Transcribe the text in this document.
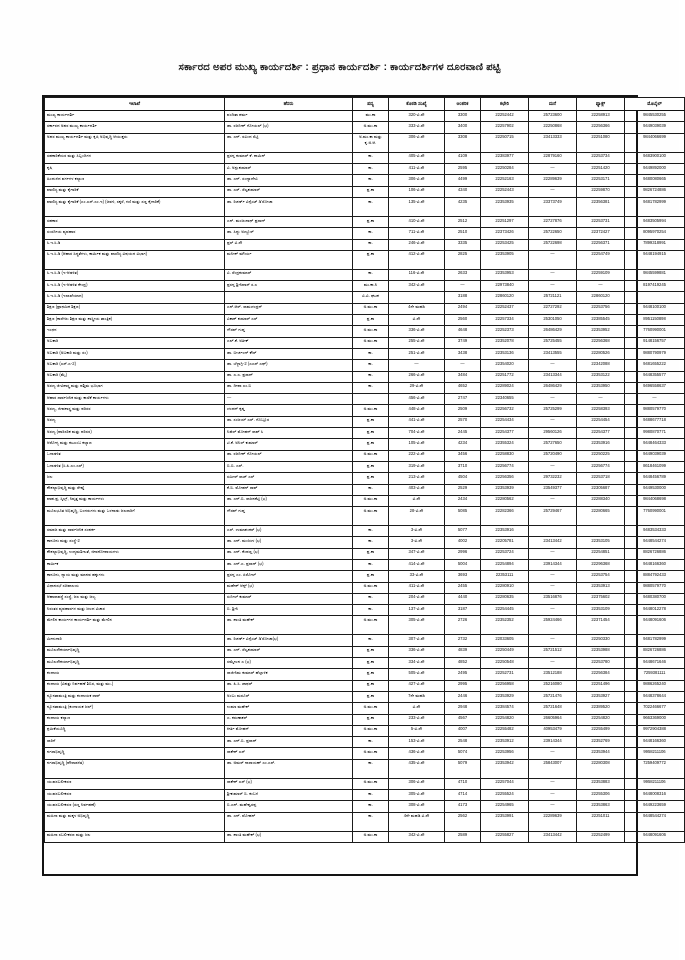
ಸರ್ಕಾರದ ಅಪರ ಮುಖ್ಯ ಕಾರ್ಯದರ್ಶಿ : ಪ್ರಧಾನ ಕಾರ್ಯದರ್ಶಿ : ಕಾರ್ಯದರ್ಶಿಗಳ ದೂರವಾಣಿ ಪಟ್ಟಿ
ಇಲಾಖೆ	ಹೆಸರು	ಪದ್ಯ	ಕೊಠಡಿ ಸಂಖ್ಯೆ	ಆಂತರಿಕ	ಕಛೇರಿ	ಮನೆ	ಫ್ಯಾಕ್ಸ್	ಮೊಬೈಲ್
ಮುಖ್ಯ ಕಾರ್ಯದರ್ಶಿ	ವಂದಿತಾ ಶರ್ಮ	ಮು.ಕಾ	320-ವಿ.ಸೌ	3300	22252442	25723600	22258913	9845530255
ಸರ್ಕಾರದ ಅಪರ ಮುಖ್ಯ ಕಾರ್ಯದರ್ಶಿ	ಡಾ. ರಜನೀಶ್ ಗೋಯಲ್ (ಭ)	ಅ.ಮು.ಕಾ	333-ವಿ.ಸೌ	3400	22257902	22250868	22256366	9449039039
ಅಪರ ಮುಖ್ಯ ಕಾರ್ಯದರ್ಶಿ ಮತ್ತು ಕೃಷಿ ಅಭಿವೃದ್ಧಿ ಆಯುಕ್ತರು	ಡಾ. ಎನ್. ರವಿಂದ ಸೆಟ್ಟಿ	ಅ.ಮು.ಕಾ ಮತ್ತು ಕೃ.ಅ.ಆ.	306-ವಿ.ಸೌ	3308	22250715	23413333	22251080	9844066699
ಸಹಕಾರಿಕೆಯರ ಮತ್ತು ಸಿಬ್ಬಂದಿಗಳ	ಪ್ರಸನ್ನ ಕುಮಾರ್ ಕೆ. ಶಾಮಿನ್	ಕಾ.	405-ವಿ.ಸೌ	4109	22383977	22879160	22253734	9483900100
ಕೃಷಿ	ವಿ. ಅನ್ಬುಕುಮಾರ್	ಕಾ.	411-ವಿ.ಸೌ	2595	22250284	—	22251420	9449892000
ಹಿಂದುಳಿದ ವರ್ಗಗಳ ಕಲ್ಯಾಣ	ಡಾ. ಎನ್. ಸಂಧ್ಯಾದೇವಿ	ಕಾ.	306-ವಿ.ಸೌ	4499	22252163	22289639	22253171	9480080665
ವಾಣಿಜ್ಯ ಮತ್ತು ಕೈಗಾರಿಕೆ	ಡಾ. ಎಸ್. ಸೆಲ್ವಕುಮಾರ್	ಪ್ರ.ಕಾ	106-ವಿ.ಸೌ	4340	22252443	—	22259870	9826724886
ವಾಣಿಜ್ಯ ಮತ್ತು ಕೈಗಾರಿಕೆ (ಎಂ.ಎಸ್.ಎಂ.ಇ) (ಜವಳಿ, ಸಕ್ಕರೆ, ಗಣಿ ಮತ್ತು ಸಣ್ಣ ಕೈಗಾರಿಕೆ)	ಡಾ. ರಿಚರ್ಡ್ ವಿನ್ಸೆಂಟ್ ಡಿ'ಸೋಜಾ	ಕಾ.	135-ವಿ.ಸೌ	4235	22353935	23373749	22356381	9481782999
ಸಹಕಾರ	ಎನ್. ಮಂಜುನಾಥ್ ಪ್ರಸಾದ್	ಪ್ರ.ಕಾ	410-ವಿ.ಸೌ	2512	22251297	22727876	22253731	9483505994
ಸಂಸದೀಯ ವ್ಯವಹಾರ	ಡಾ. ಸಿದ್ದು ಅಣ್ಣೂರ್	ಕಾ.	711-ವಿ.ಸೌ	2510	22373426	25722650	22372427	8095970254
ಸಿ.ಇ.ಸಿ.ಡಿ	ಪ್ರಸ್ ವಿ.ಸೌ	ಕಾ.	246-ವಿ.ಸೌ	3335	22253425	25722698	22256371	7899318991
ಸಿ.ಇ.ಸಿ.ಡಿ (ಆಹಾರ ಸಿದ್ಧತೆಗಳು, ಕಾರ್ಮಿಕ ಮತ್ತು ವಾಣಿಜ್ಯ ವಿಷಯದ ವಿಭಾಗ)	ಮನೀಶ್ ಮೌರ್ಯ	ಪ್ರ.ಕಾ	412-ವಿ.ಸೌ	2825	22353905	—	22254749	9448194915
ಸಿ.ಇ.ಸಿ.ಡಿ (ಇ-ಆಡಳಿತ)	ವಿ. ಸೆಂದ್ರಕುಮಾರ್	ಕಾ.	116-ವಿ.ಸೌ	2633	22353953	—	22259109	9845599881
ಸಿ.ಇ.ಸಿ.ಡಿ (ಇ-ಆಡಳಿತ ಕೇಂದ್ರ)	ಪ್ರಸನ್ನ ಶ್ರೀನಿವಾಸ್ ಸ.ಎ	ಮು.ಕಾ.ನಿ	342-ವಿ.ಸೌ	—	22973840	—	—	8197419245
ಸಿ.ಇ.ಸಿ.ಡಿ (ಇಲಾಖೆಯಾದ)		ವಿ.ವಿ. ಘಟಕ		3188	22860120	25721121	22860120	
ಶಿಕ್ಷಣ (ಪ್ರಾಥಮಿಕ ಶಿಕ್ಷಣ)	ಎನ್.ಆರ್. ರಾಮಚಂದ್ರನ್	ಅ.ಮು.ಕಾ	4ನೇ ಮಹಡಿ	2494	22252437	22727292	22253756	9448100100
ಶಿಕ್ಷಣ (ಕಾಲೇಜು ಶಿಕ್ಷಣ ಮತ್ತು ಶಾಸ್ತ್ರೀಯ ತಾಂತ್ರಿಕ)	ವಿಕಾಶ್ ಕುಮಾರ್ ಎಸ್	ಪ್ರ.ಕಾ	ವಿ.ಸೌ	2560	22257334	25301050	22385545	8951150898
ಇಂಧನ	ಗೌರವ್ ಗುಪ್ತ	ಅ.ಮು.ಕಾ	336-ವಿ.ಸೌ	4648	22252373	26486429	22353952	7760990001
ಅಬಕಾರಿ	ಎಲ್.ಕೆ. ಅತೀಕ್	ಅ.ಮು.ಕಾ	255-ವಿ.ಸೌ	3749	22352078	25725455	22256368	9148156757
ಅಬಕಾರಿ (ಅಬಕಾರಿ ಮತ್ತು ಸಂ)	ಡಾ. ಬೀರ್ಚಂದ್ ಕೌರ್	ಕಾ.	251-ವಿ.ಸೌ	3438	22353136	23413555	22280526	9880790979
ಅಬಕಾರಿ (ಎಸ್.ಎ-2)	ಡಾ. ಬೆಳ್ಳಾಗ್ರಿ-2 (ಎಎಸ್ ಎಫ್)	ಕಾ.	—	—	22354020	—	22342088	9481655222
ಅಬಕಾರಿ (ಮೈ)	ಡಾ. ಎ.ಎ. ಪ್ರಸಾದ್	ಕಾ.	266-ವಿ.ಸೌ	3484	22251772	23413344	22353122	9448355577
ಅರಣ್ಯ ಜೀವಿಶಾಸ್ತ್ರ ಮತ್ತು ಪಶ್ಚಿಮ ಭೂಭಾಗ	ಡಾ. ದೀಪಾ ಎಂ.ಬಿ	ಕಾ.	29-ವಿ.ಸೌ	4652	22289024	26486429	22353950	9496558637
ಆಹಾರ ಸಾರ್ವಜನಿಕ ಮತ್ತು ಕಾಣಿಕೆ ಕಾರ್ಯಗಳು	—		456-ವಿ.ಸೌ	2747	22340655	—	—	—
ಅರಣ್ಯ, ಜೀವಶಾಸ್ತ್ರ ಮತ್ತು ಪರಿಸರ	ಚಂದನ್ ಕೃಷ್ಣ	ಅ.ಮು.ಕಾ	448-ವಿ.ಸೌ	2509	22256732	25725299	22258393	9880579770
ಅರಣ್ಯ	ಡಾ. ಸಂಜಯ್ ಎಸ್. ಗೊಬ್ಬೂರ	ಪ್ರ.ಕಾ	441-ವಿ.ಸೌ	2570	22254434	—	22254454	9488677718
ಅರಣ್ಯ (ಪಾರಿಸರಿಕ ಮತ್ತು ಪರಿಸರ)	ನಿಖಿಲ್ ಮೋಹನ್ ರಾವ್ ಸಿ	ಪ್ರ.ಕಾ	704-ವಿ.ಸೌ	2445	22254377	29560126	22254377	9980870771
ಆರೋಗ್ಯ ಮತ್ತು ಕುಟುಂಬ ಕಲ್ಯಾಣ	ಟಿ.ಕೆ. ಅನಿಲ್ ಕುಮಾರ್	ಪ್ರ.ಕಾ	105-ವಿ.ಸೌ	4234	22355324	25727650	22353916	9448464333
ಒಳಾಡಳಿತ	ಡಾ. ರಜನೀಶ್ ಗೋಯಲ್	ಅ.ಮು.ಕಾ	222-ವಿ.ಸೌ	3456	22258830	25720490	22250225	9449039039
ಒಳಾಡಳಿತ (ಸಿ.ಪಿ.ಎಂ.ಎಸ್)	ಬಿ.ಬಿ. ಎಸ್.	ಪ್ರ.ಕಾ	319-ವಿ.ಸೌ	3710	22256774	—	22256774	8618461099
ಜಲ	ಸಮೀರ್ ರಾಜ್ ಎಸ್	ಪ್ರ.ಕಾ	213-ವಿ.ಸೌ	4504	22256356	29732232	22253718	9448456789
ಕೌಶಲ್ಯಾಭಿವೃದ್ಧಿ ಮತ್ತು ರೇಷ್ಮೆ	ಕೆ.ಬಿ. ಮೋಹನ್ ರಾವ್	ಕಾ.	403-ವಿ.ಸೌ	2529	22353939	23549377	22305687	9449530000
ವಾಹ.ಪ್ರ, ಸ್ಕಿಲ್ಸ್, ನಿವೃತ್ತ ಮತ್ತು ಕಾರ್ಯಗಳು	ಡಾ. ಎನ್.ಬಿ. ರಾಜನಕೆಟ್ಟಿ (ಭ)	ಅ.ಮು.ಕಾ	ವಿ.ಸೌ	2434	22280562	—	22288340	9844068698
ಮೂಲಭೂತ ಅಭಿವೃದ್ಧಿ, ಬಂದರುಗಳು ಮತ್ತು ಒಳನಾಡು ಜಲಸಾರಿಗೆ	ಗೌರವ್ ಗುಪ್ತ	ಅ.ಮು.ಕಾ	28-ವಿ.ಸೌ	5085	22282366	25729467	22280665	7760990001
ಸಮಾಜ ಮತ್ತು ಸಾರ್ವಜನಿಕ ಸಂಪರ್ಕ	ಎಸ್. ಉಮಾಶಂಕರ್ (ಭ)	ಕಾ.	3-ವಿ.ಸೌ	5077	22353916			9483534333
ಕಾನೂನು ಮತ್ತು ಸಂಸ್ಥೆ-2	ಡಾ. ಎನ್. ಮಂಜುಳ (ಭ)	ಕಾ.	3-ವಿ.ಸೌ	4002	22205781	23413442	22353105	9448544274
ಕೌಶಲ್ಯಾಭಿವೃದ್ಧಿ, ಉದ್ಯಮಶೀಲತೆ, ಜೀವನೋಪಾಯಗಳು	ಡಾ. ಎನ್. ಕೆಂಪಣ್ಣ (ಭ)	ಪ್ರ.ಕಾ	347-ವಿ.ಸೌ	2996	22253724	—	22254851	8826726886
ಕಾರ್ಮಿಕ	ಡಾ. ಎನ್.ಎ. ಪ್ರಸಾದ್ (ಭ)	ಕಾ.	414-ವಿ.ಸೌ	5004	22254894	23914344	22296368	9448166360
ಕಾನೂನು, ನ್ಯಾಯ ಮತ್ತು ಮಾನವ ಹಕ್ಕುಗಳು	ಪ್ರಸನ್ನ ಎಂ. ಪಿರೋಲ್	ಪ್ರ.ಕಾ	33-ವಿ.ಸೌ	3693	22353111	—	22253754	8884792433
ವಿಧಾನಸಭೆ ಸಚಿವಾಲಯ	ಮಹೇಶ್ ಆನ್ಟ್ (ಭ)	ಅ.ಮು.ಕಾ	411-ವಿ.ಸೌ	2455	22280910	—	22353913	9880579770
ಆಹಾರಾವಸ್ಥೆ ಸಂಸ್ಥೆ, ಜಲ ಮತ್ತು ಜಲ್ಯ	ಸುನೀಲ್ ಕುಮಾರ್	ಕಾ.	204-ವಿ.ಸೌ	4440	22280635	23516876	22375602	9480380700
ನಿರಂತರ ವ್ಯವಹಾರಗಳ ಮತ್ತು ಜಲದ ವಿಚಾರ	ಬಿ. ಶ್ರೀನಿ	ಕಾ.	137-ವಿ.ಸೌ	3187	22254445	—	22353109	9448012278
ಮೇಲಿನ ಕಾರ್ಯಗಳ ಕಾರ್ಯದರ್ಶಿ ಮತ್ತು ಮೇಲಿನ	ಡಾ. ಶಾಂತಿ ಮಹೇಶ್	ಅ.ಮು.ಕಾ	305-ವಿ.ಸೌ	2726	22352352	25924466	22371454	9448091606
ಮೀನುಗಾರಿ	ಡಾ. ರಿಚರ್ಡ್ ವಿನ್ಸೆಂಟ್ ಡಿ'ಸೋಜಾ(ಭ)	ಕಾ.	307-ವಿ.ಸೌ	2732	22033605	—	22250330	9481782999
ಮೂಲಸೌಕರ್ಯಾಭಿವೃದ್ಧಿ	ಡಾ. ಎನ್. ಸೆಲ್ವಕುಮಾರ್	ಪ್ರ.ಕಾ	336-ವಿ.ಸೌ	4839	22250449	25721512	22353988	8826726886
ಮೂಲಸೌಕರ್ಯಾಭಿವೃದ್ಧಿ	ಸಮ್ಮೇಲನ ಎ (ಭ)	ಪ್ರ.ಕಾ	334-ವಿ.ಸೌ	4852	22250548	—	22253780	9448671646
ಕಂದಾಯ	ರಾಜೀನಿಮ ಕುಮಾರ್ ಹೆಬ್ಬಾಳಿಕ	ಪ್ರ.ಕಾ	505-ವಿ.ಸೌ	2495	22252731	23512188	22256384	7259381111
ಕಂದಾಯ (ವಿಪತ್ತು ನಿರ್ವಹಣೆ ಶಿಬಿರ, ಮತ್ತು ಮು.)	ಡಾ. ಪಿ.ಸಿ. ಜಾಫರ್	ಪ್ರ.ಕಾ	427-ವಿ.ಸೌ	2995	22256958	25216080	22251496	9886265240
ನ್ಯೂನತಾಮಂತ್ರಿ ಮತ್ತು ಕಂದಾಯಕ ರಾವ್	ಅಂಬು ಮರೂರ್	ಪ್ರ.ಕಾ	7ನೇ ಮಹಡಿ	2446	22353929	25721476	22353927	9448378644
ನ್ಯೂನತಾಮಂತ್ರಿ (ಕಂದಾಯಕ ಜಲ್)	ಉಮಾ ಮಹೇಶ್	ಅ.ಮು.ಕಾ	ವಿ.ಸೌ	2948	22384574	25721648	22389520	7022466677
ಕಂದಾಯ ಕಲ್ಯಾಣ	ಎ. ಕರುಣಾಕರ್	ಪ್ರ.ಕಾ	233-ವಿ.ಸೌ	4567	22254820	26605964	22254820	9663369000
ಶ್ರಮಿಕೆಯೂದ್ಧಿ	ಕೀರ್ತಿ ಮೋಹನ್	ಅ.ಮು.ಕಾ	5-ವಿ.ಸೌ	4007	22255482	40953479	22255499	9972904388
ಸಾರಿಗೆ	ಡಾ. ಎನ್.ಬಿ. ಪ್ರಸಾದ್	ಕಾ.	153-ವಿ.ಸೌ	2548	22353912	23914344	22352769	9448166360
ನಗರಾಭಿವೃದ್ಧಿ	ರಾಕೇಶ್ ಎಸ್	ಅ.ಮು.ಕಾ	436-ವಿ.ಸೌ	5074	22253956	—	22353944	9958211106
ನಗರಾಭಿವೃದ್ಧಿ (ಪೌರಾಡಳಿತ)	ಡಾ. ಅಮರ್ ನಾರಾಯಣ್ ಎಂ.ಎಸ್.	ಕಾ.	435-ವಿ.ಸೌ	5079	22353942	25843007	22280308	7259409772
ಯುವಸಬಲೀಕರಣ	ರಾಕೇಶ್ ಎಸ್ (ಭ)	ಅ.ಮು.ಕಾ	306-ವಿ.ಸೌ	4710	22257044	—	22353883	9958211106
ಯುವಸಬಲೀಕರಣ	ಶ್ರೀಕುಮಾರ್ ಬಿ. ಕಂಬಳಿ	ಕಾ.	305-ವಿ.ಸೌ	4714	22255524	—	22255306	9448008316
ಯುವಸಬಲೀಕರಣ (ಸಣ್ಣ ನಿರ್ವಹಣೆ)	ಬಿ.ಎನ್. ಮಹೇಶ್ವರಪ್ಪ	ಕಾ.	308-ವಿ.ಸೌ	4173	22254965	—	22353863	9449223659
ಮಹಿಳಾ ಮತ್ತು ಮಕ್ಕಳ ಅಭಿವೃದ್ಧಿ	ಡಾ. ಎನ್. ಮೋಹನ್	ಕಾ.	4ನೇ ಮಹಡಿ ವಿ.ಸೌ	2562	22353991	22289639	22251011	9448544274
ಮಹಿಳಾ ಸಬಲೀಕರಣ ಮತ್ತು ಜಲ	ಡಾ. ಶಾಂತಿ ಮಹೇಶ್ (ಭ)	ಅ.ಮು.ಕಾ	342-ವಿ.ಸೌ	2589	22255827	23413442	22252499	9448091606
